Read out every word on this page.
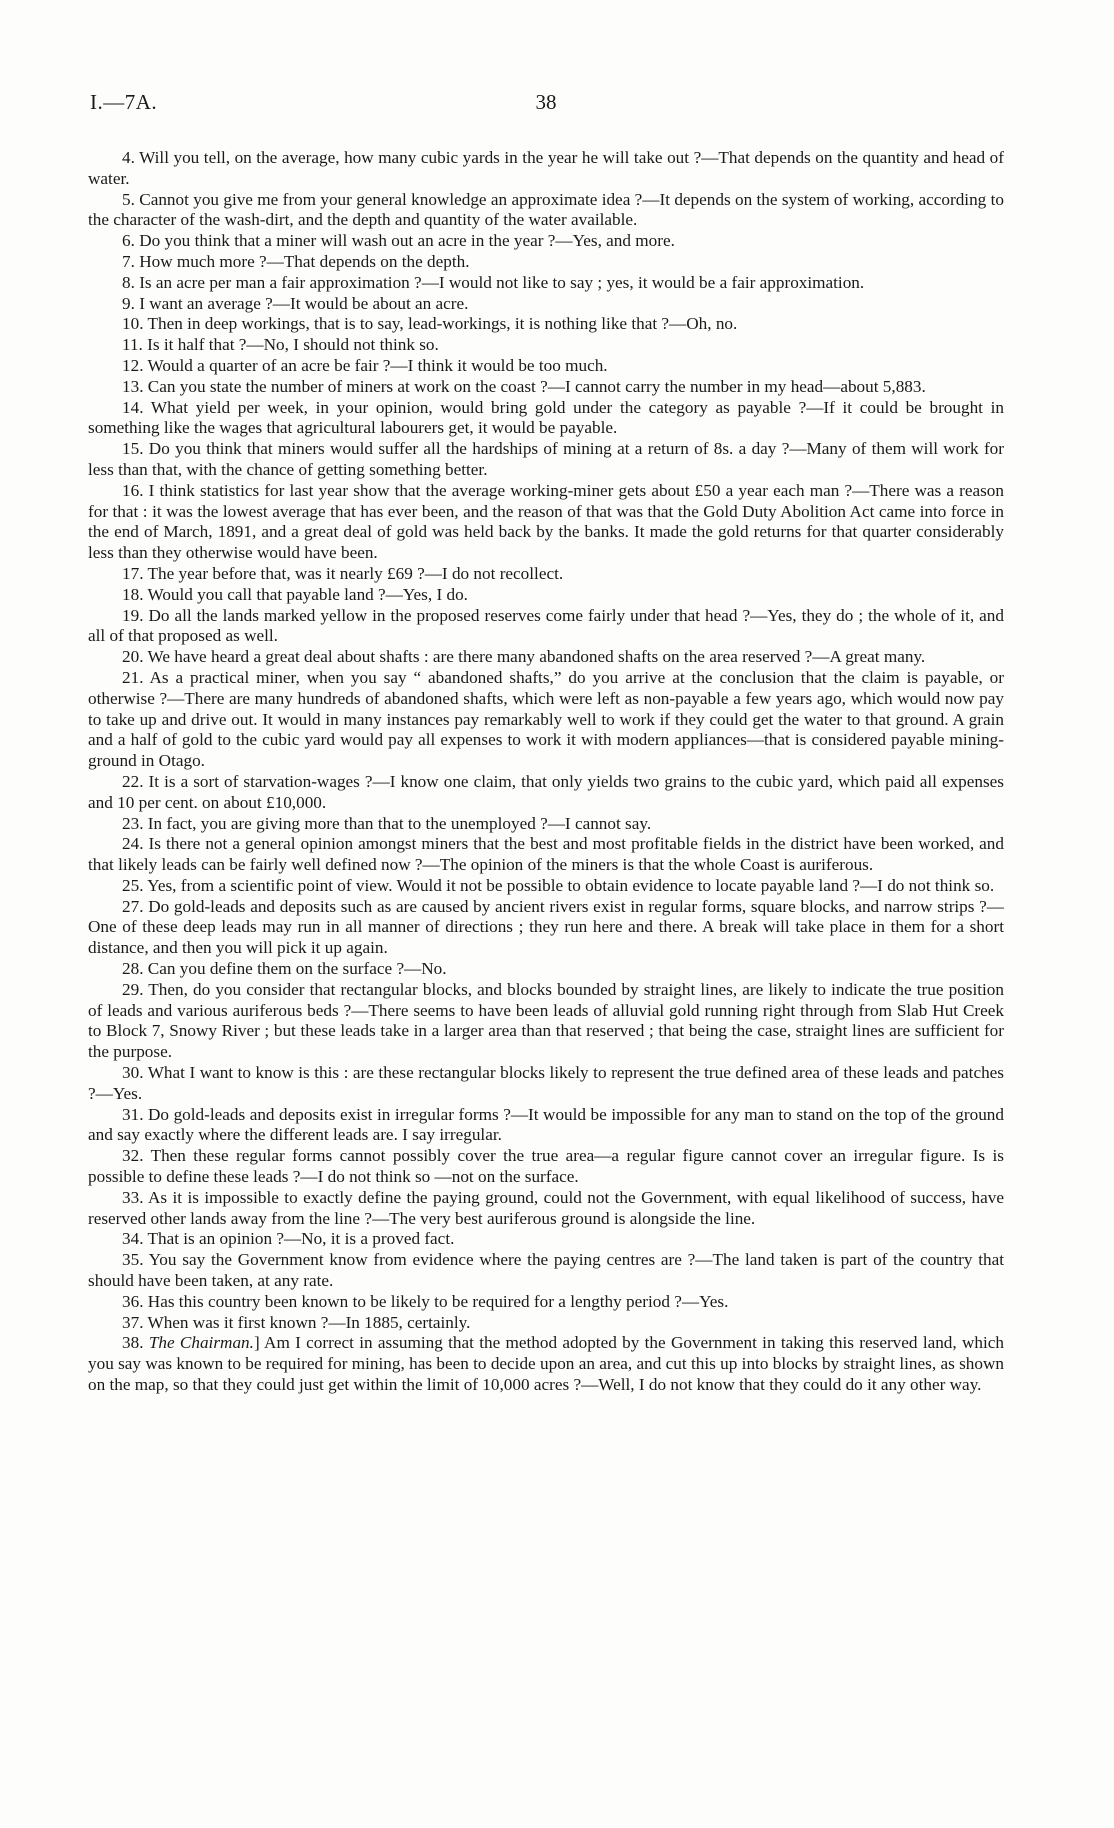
I.—7A.	38

4. Will you tell, on the average, how many cubic yards in the year he will take out ?—That depends on the quantity and head of water.

5. Cannot you give me from your general knowledge an approximate idea ?—It depends on the system of working, according to the character of the wash-dirt, and the depth and quantity of the water available.

6. Do you think that a miner will wash out an acre in the year ?—Yes, and more.

7. How much more ?—That depends on the depth.

8. Is an acre per man a fair approximation ?—I would not like to say ; yes, it would be a fair approximation.

9. I want an average ?—It would be about an acre.

10. Then in deep workings, that is to say, lead-workings, it is nothing like that ?—Oh, no.

11. Is it half that ?—No, I should not think so.

12. Would a quarter of an acre be fair ?—I think it would be too much.

13. Can you state the number of miners at work on the coast ?—I cannot carry the number in my head—about 5,883.

14. What yield per week, in your opinion, would bring gold under the category as payable ?—If it could be brought in something like the wages that agricultural labourers get, it would be payable.

15. Do you think that miners would suffer all the hardships of mining at a return of 8s. a day ?—Many of them will work for less than that, with the chance of getting something better.

16. I think statistics for last year show that the average working-miner gets about £50 a year each man ?—There was a reason for that : it was the lowest average that has ever been, and the reason of that was that the Gold Duty Abolition Act came into force in the end of March, 1891, and a great deal of gold was held back by the banks. It made the gold returns for that quarter considerably less than they otherwise would have been.

17. The year before that, was it nearly £69 ?—I do not recollect.

18. Would you call that payable land ?—Yes, I do.

19. Do all the lands marked yellow in the proposed reserves come fairly under that head ?—Yes, they do ; the whole of it, and all of that proposed as well.

20. We have heard a great deal about shafts : are there many abandoned shafts on the area reserved ?—A great many.

21. As a practical miner, when you say “ abandoned shafts,” do you arrive at the conclusion that the claim is payable, or otherwise ?—There are many hundreds of abandoned shafts, which were left as non-payable a few years ago, which would now pay to take up and drive out. It would in many instances pay remarkably well to work if they could get the water to that ground. A grain and a half of gold to the cubic yard would pay all expenses to work it with modern appliances—that is considered payable mining-ground in Otago.

22. It is a sort of starvation-wages ?—I know one claim, that only yields two grains to the cubic yard, which paid all expenses and 10 per cent. on about £10,000.

23. In fact, you are giving more than that to the unemployed ?—I cannot say.

24. Is there not a general opinion amongst miners that the best and most profitable fields in the district have been worked, and that likely leads can be fairly well defined now ?—The opinion of the miners is that the whole Coast is auriferous.

25. Yes, from a scientific point of view. Would it not be possible to obtain evidence to locate payable land ?—I do not think so.

27. Do gold-leads and deposits such as are caused by ancient rivers exist in regular forms, square blocks, and narrow strips ?—One of these deep leads may run in all manner of directions ; they run here and there. A break will take place in them for a short distance, and then you will pick it up again.

28. Can you define them on the surface ?—No.

29. Then, do you consider that rectangular blocks, and blocks bounded by straight lines, are likely to indicate the true position of leads and various auriferous beds ?—There seems to have been leads of alluvial gold running right through from Slab Hut Creek to Block 7, Snowy River ; but these leads take in a larger area than that reserved ; that being the case, straight lines are sufficient for the purpose.

30. What I want to know is this : are these rectangular blocks likely to represent the true defined area of these leads and patches ?—Yes.

31. Do gold-leads and deposits exist in irregular forms ?—It would be impossible for any man to stand on the top of the ground and say exactly where the different leads are. I say irregular.

32. Then these regular forms cannot possibly cover the true area—a regular figure cannot cover an irregular figure. Is is possible to define these leads ?—I do not think so —not on the surface.

33. As it is impossible to exactly define the paying ground, could not the Government, with equal likelihood of success, have reserved other lands away from the line ?—The very best auriferous ground is alongside the line.

34. That is an opinion ?—No, it is a proved fact.

35. You say the Government know from evidence where the paying centres are ?—The land taken is part of the country that should have been taken, at any rate.

36. Has this country been known to be likely to be required for a lengthy period ?—Yes.

37. When was it first known ?—In 1885, certainly.

38. The Chairman.] Am I correct in assuming that the method adopted by the Government in taking this reserved land, which you say was known to be required for mining, has been to decide upon an area, and cut this up into blocks by straight lines, as shown on the map, so that they could just get within the limit of 10,000 acres ?—Well, I do not know that they could do it any other way.
